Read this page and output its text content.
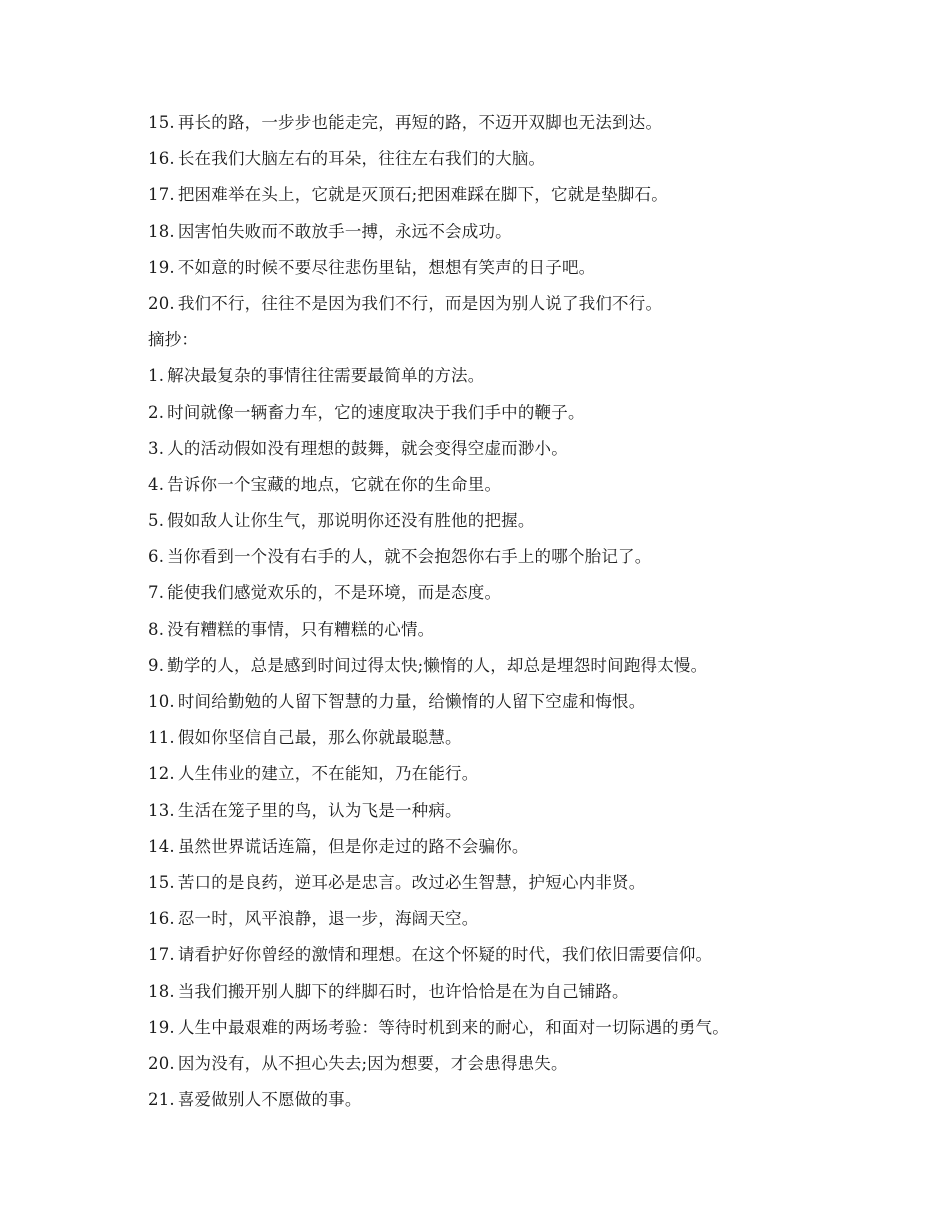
15. 再长的路，一步步也能走完，再短的路，不迈开双脚也无法到达。
16. 长在我们大脑左右的耳朵，往往左右我们的大脑。
17. 把困难举在头上，它就是灭顶石;把困难踩在脚下，它就是垫脚石。
18. 因害怕失败而不敢放手一搏，永远不会成功。
19. 不如意的时候不要尽往悲伤里钻，想想有笑声的日子吧。
20. 我们不行，往往不是因为我们不行，而是因为别人说了我们不行。
摘抄：
1. 解决最复杂的事情往往需要最简单的方法。
2. 时间就像一辆畜力车，它的速度取决于我们手中的鞭子。
3. 人的活动假如没有理想的鼓舞，就会变得空虚而渺小。
4. 告诉你一个宝藏的地点，它就在你的生命里。
5. 假如敌人让你生气，那说明你还没有胜他的把握。
6. 当你看到一个没有右手的人，就不会抱怨你右手上的哪个胎记了。
7. 能使我们感觉欢乐的，不是环境，而是态度。
8. 没有糟糕的事情，只有糟糕的心情。
9. 勤学的人，总是感到时间过得太快;懒惰的人，却总是埋怨时间跑得太慢。
10. 时间给勤勉的人留下智慧的力量，给懒惰的人留下空虚和悔恨。
11. 假如你坚信自己最，那么你就最聪慧。
12. 人生伟业的建立，不在能知，乃在能行。
13. 生活在笼子里的鸟，认为飞是一种病。
14. 虽然世界谎话连篇，但是你走过的路不会骗你。
15. 苦口的是良药，逆耳必是忠言。改过必生智慧，护短心内非贤。
16. 忍一时，风平浪静，退一步，海阔天空。
17. 请看护好你曾经的激情和理想。在这个怀疑的时代，我们依旧需要信仰。
18. 当我们搬开别人脚下的绊脚石时，也许恰恰是在为自己铺路。
19. 人生中最艰难的两场考验：等待时机到来的耐心，和面对一切际遇的勇气。
20. 因为没有，从不担心失去;因为想要，才会患得患失。
21. 喜爱做别人不愿做的事。
